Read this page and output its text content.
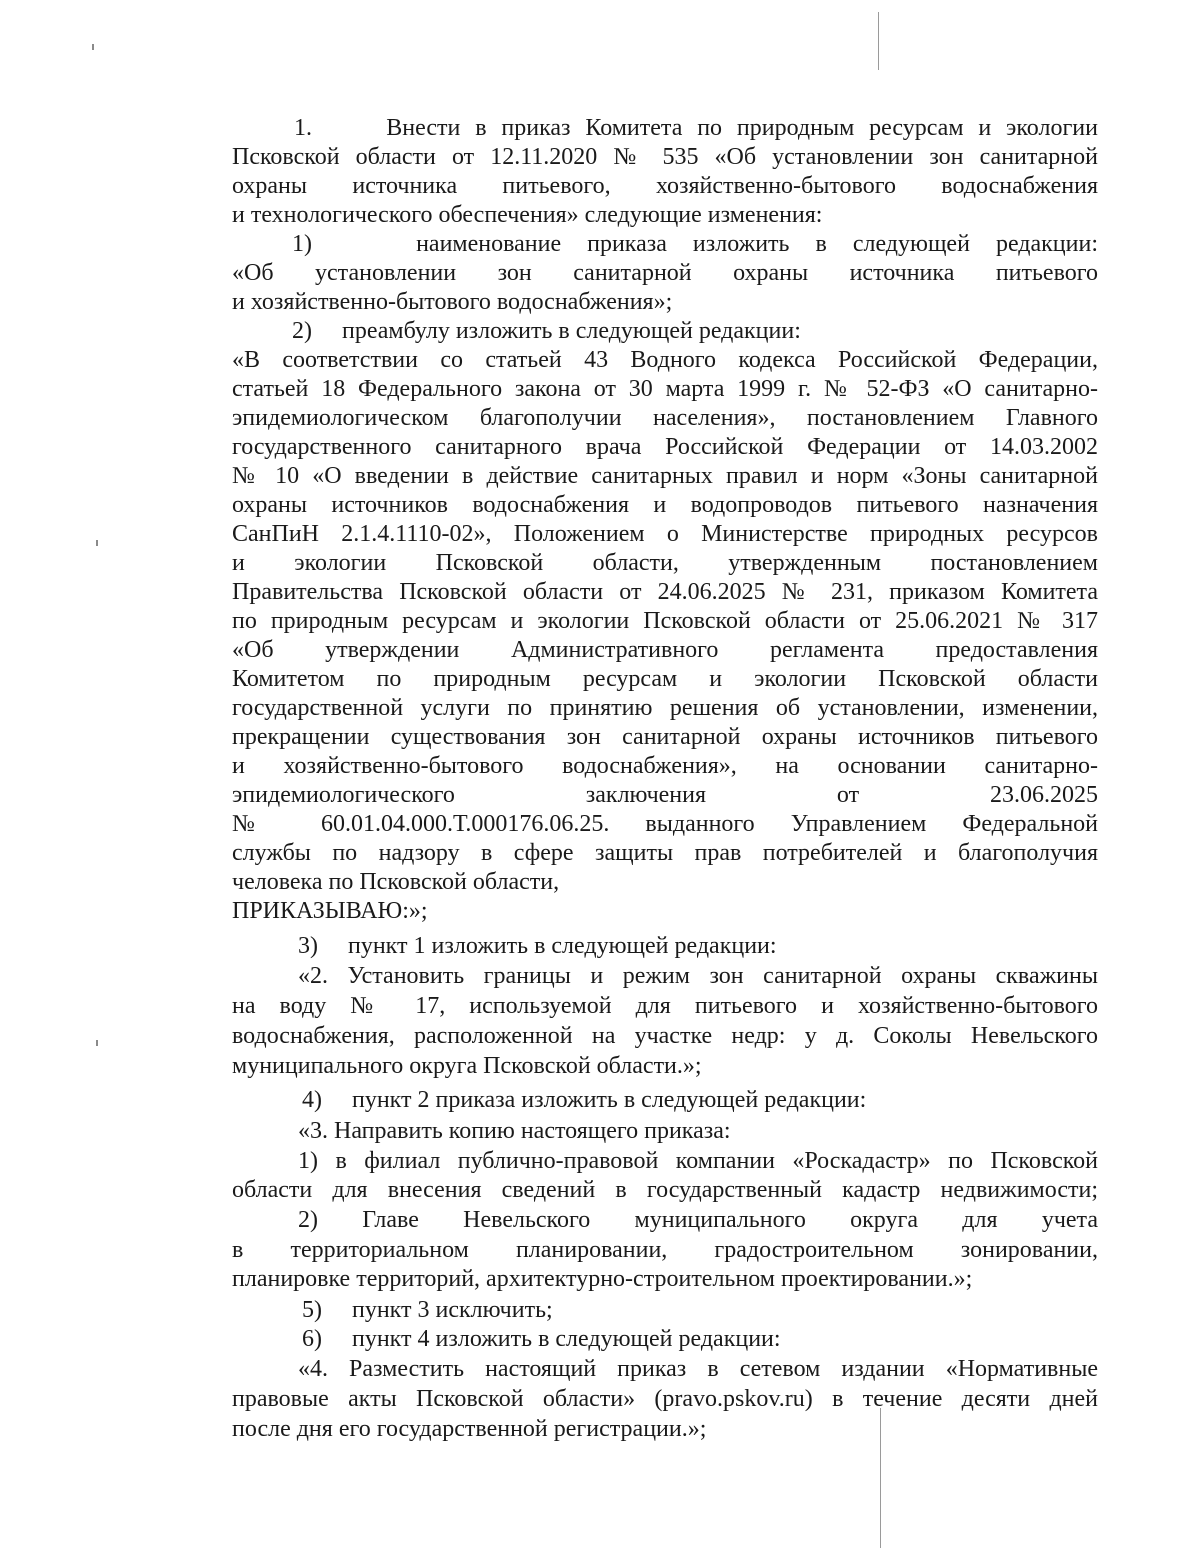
1.     Внести в приказ Комитета по природным ресурсам и экологии
Псковской области от 12.11.2020 № 535 «Об установлении зон санитарной
охраны источника питьевого, хозяйственно-бытового водоснабжения
и технологического обеспечения» следующие изменения:
1)    наименование приказа изложить в следующей редакции:
«Об установлении зон санитарной охраны источника питьевого
и хозяйственно-бытового водоснабжения»;
2)     преамбулу изложить в следующей редакции:
«В соответствии со статьей 43 Водного кодекса Российской Федерации,
статьей 18 Федерального закона от 30 марта 1999 г. № 52-ФЗ «О санитарно-
эпидемиологическом благополучии населения», постановлением Главного
государственного санитарного врача Российской Федерации от 14.03.2002
№ 10 «О введении в действие санитарных правил и норм «Зоны санитарной
охраны источников водоснабжения и водопроводов питьевого назначения
СанПиН 2.1.4.1110-02», Положением о Министерстве природных ресурсов
и экологии Псковской области, утвержденным постановлением
Правительства Псковской области от 24.06.2025 № 231, приказом Комитета
по природным ресурсам и экологии Псковской области от 25.06.2021 № 317
«Об утверждении Административного регламента предоставления
Комитетом по природным ресурсам и экологии Псковской области
государственной услуги по принятию решения об установлении, изменении,
прекращении существования зон санитарной охраны источников питьевого
и хозяйственно-бытового водоснабжения», на основании санитарно-
эпидемиологического заключения от 23.06.2025
№ 60.01.04.000.Т.000176.06.25. выданного Управлением Федеральной
службы по надзору в сфере защиты прав потребителей и благополучия
человека по Псковской области,
ПРИКАЗЫВАЮ:»;
3)     пункт 1 изложить в следующей редакции:
«2. Установить границы и режим зон санитарной охраны скважины
на воду № 17, используемой для питьевого и хозяйственно-бытового
водоснабжения, расположенной на участке недр: у д. Соколы Невельского
муниципального округа Псковской области.»;
4)     пункт 2 приказа изложить в следующей редакции:
«3. Направить копию настоящего приказа:
1) в филиал публично-правовой компании «Роскадастр» по Псковской
области для внесения сведений в государственный кадастр недвижимости;
2) Главе Невельского муниципального округа для учета
в территориальном планировании, градостроительном зонировании,
планировке территорий, архитектурно-строительном проектировании.»;
5)     пункт 3 исключить;
6)     пункт 4 изложить в следующей редакции:
«4. Разместить настоящий приказ в сетевом издании «Нормативные
правовые акты Псковской области» (pravo.pskov.ru) в течение десяти дней
после дня его государственной регистрации.»;
